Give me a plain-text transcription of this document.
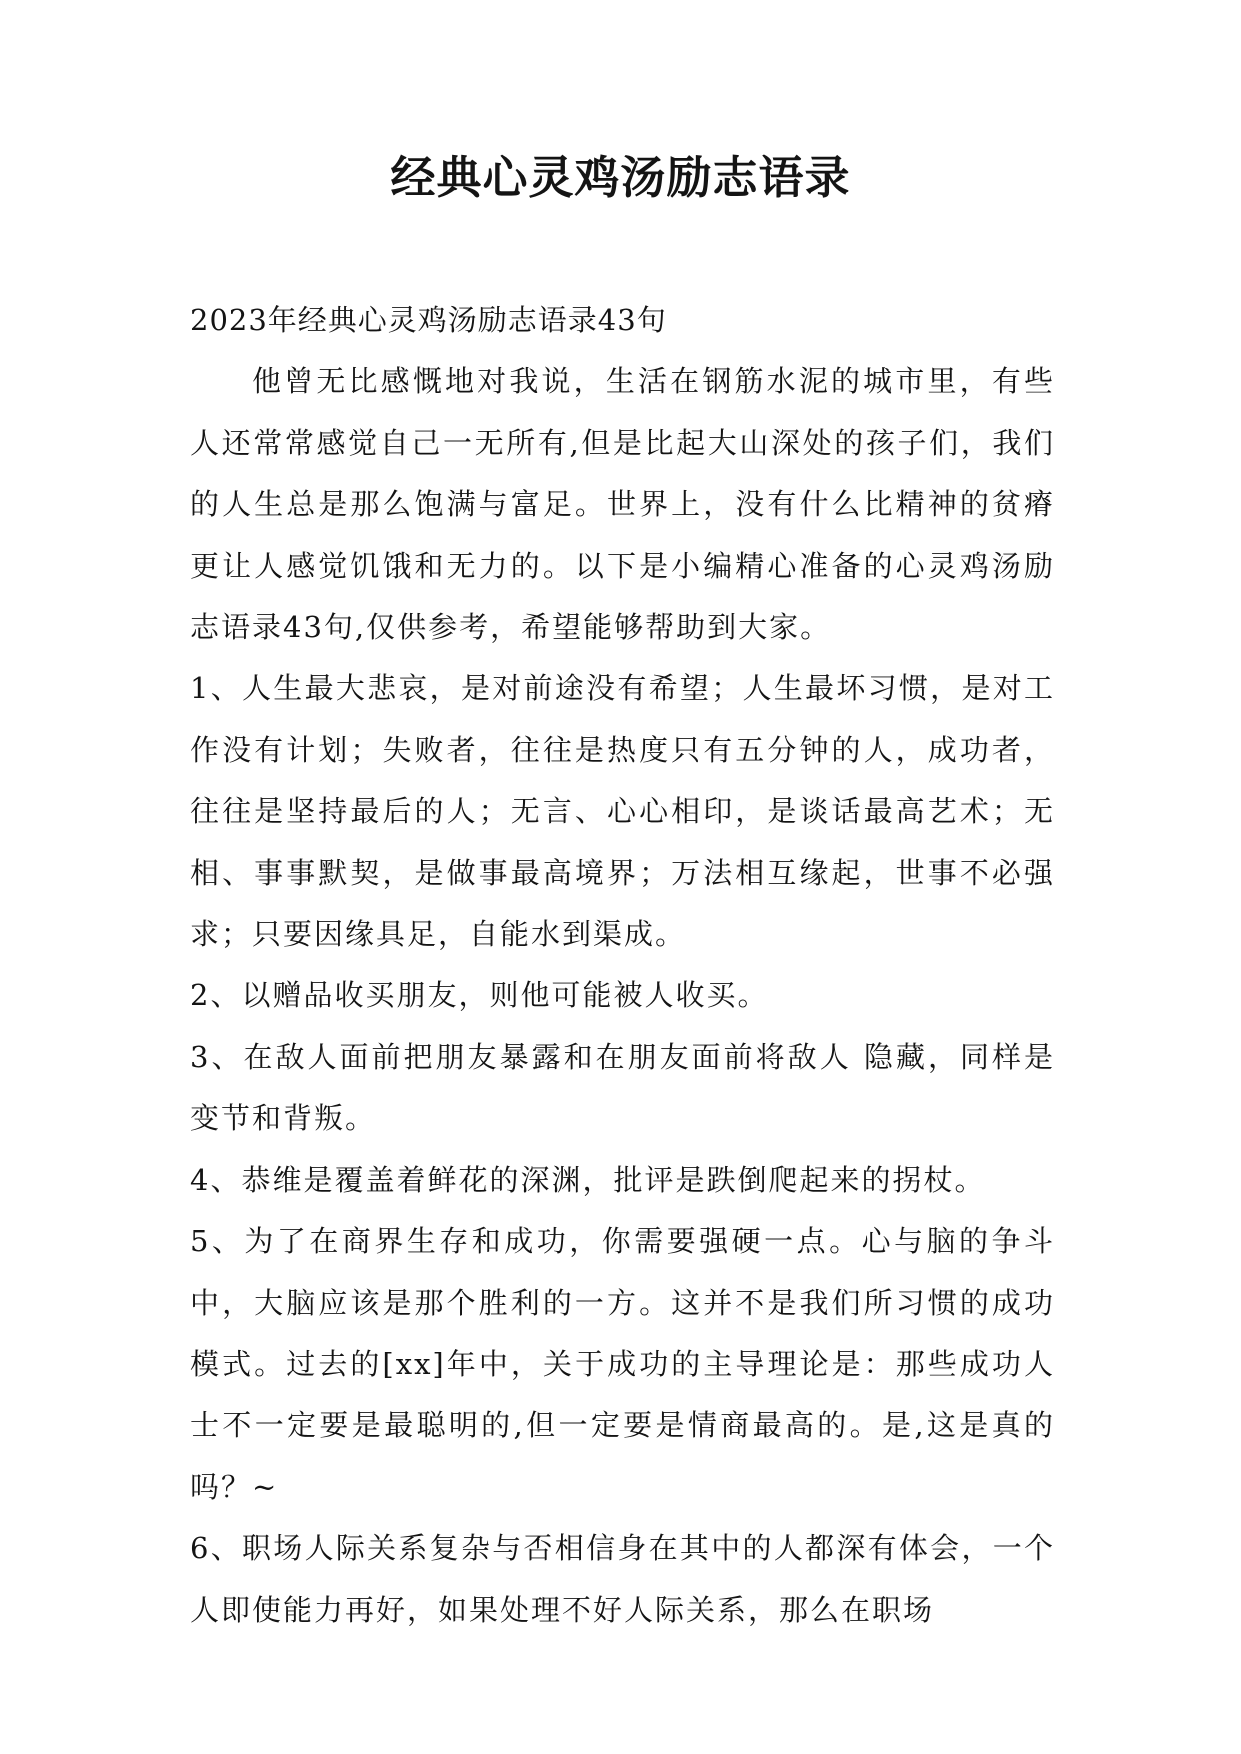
经典心灵鸡汤励志语录

2023年经典心灵鸡汤励志语录43句

他曾无比感慨地对我说，生活在钢筋水泥的城市里，有些人还常常感觉自己一无所有,但是比起大山深处的孩子们，我们的人生总是那么饱满与富足。世界上，没有什么比精神的贫瘠更让人感觉饥饿和无力的。以下是小编精心准备的心灵鸡汤励志语录43句,仅供参考，希望能够帮助到大家。

1、人生最大悲哀，是对前途没有希望；人生最坏习惯，是对工作没有计划；失败者，往往是热度只有五分钟的人，成功者，往往是坚持最后的人；无言、心心相印，是谈话最高艺术；无相、事事默契，是做事最高境界；万法相互缘起，世事不必强求；只要因缘具足，自能水到渠成。

2、以赠品收买朋友，则他可能被人收买。

3、在敌人面前把朋友暴露和在朋友面前将敌人 隐藏，同样是变节和背叛。

4、恭维是覆盖着鲜花的深渊，批评是跌倒爬起来的拐杖。

5、为了在商界生存和成功，你需要强硬一点。心与脑的争斗中，大脑应该是那个胜利的一方。这并不是我们所习惯的成功模式。过去的[xx]年中，关于成功的主导理论是：那些成功人士不一定要是最聪明的,但一定要是情商最高的。是,这是真的吗？~

6、职场人际关系复杂与否相信身在其中的人都深有体会，一个人即使能力再好，如果处理不好人际关系，那么在职场
